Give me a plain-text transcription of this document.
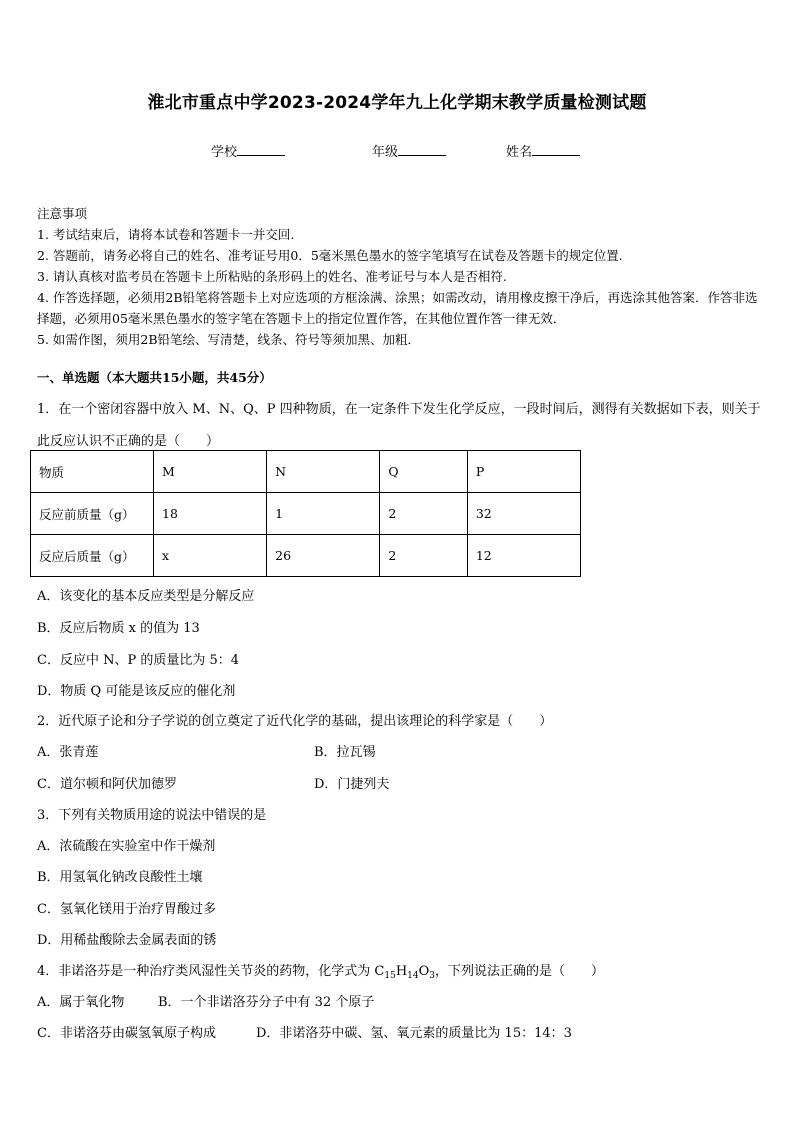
淮北市重点中学2023-2024学年九上化学期末教学质量检测试题
学校	年级	姓名
注意事项
1. 考试结束后，请将本试卷和答题卡一并交回.
2. 答题前，请务必将自己的姓名、准考证号用0．5毫米黑色墨水的签字笔填写在试卷及答题卡的规定位置.
3. 请认真核对监考员在答题卡上所粘贴的条形码上的姓名、准考证号与本人是否相符.
4. 作答选择题，必须用2B铅笔将答题卡上对应选项的方框涂满、涂黑；如需改动，请用橡皮擦干净后，再选涂其他答案．作答非选择题，必须用05毫米黑色墨水的签字笔在答题卡上的指定位置作答，在其他位置作答一律无效．
5. 如需作图，须用2B铅笔绘、写清楚，线条、符号等须加黑、加粗．
一、单选题（本大题共15小题，共45分）
1．在一个密闭容器中放入 M、N、Q、P 四种物质，在一定条件下发生化学反应，一段时间后，测得有关数据如下表，则关于此反应认识不正确的是（　　）
物质	M	N	Q	P
反应前质量（g）	18	1	2	32
反应后质量（g）	x	26	2	12
A．该变化的基本反应类型是分解反应
B．反应后物质 x 的值为 13
C．反应中 N、P 的质量比为 5：4
D．物质 Q 可能是该反应的催化剂
2．近代原子论和分子学说的创立奠定了近代化学的基础，提出该理论的科学家是（　　）
A．张青莲	B．拉瓦锡
C．道尔顿和阿伏加德罗	D．门捷列夫
3．下列有关物质用途的说法中错误的是
A．浓硫酸在实验室中作干燥剂
B．用氢氧化钠改良酸性土壤
C．氢氧化镁用于治疗胃酸过多
D．用稀盐酸除去金属表面的锈
4．非诺洛芬是一种治疗类风湿性关节炎的药物，化学式为 $C_{15}H_{14}O_3$，下列说法正确的是（　　）
A．属于氧化物	B．一个非诺洛芬分子中有 32 个原子
C．非诺洛芬由碳氢氧原子构成	D．非诺洛芬中碳、氢、氧元素的质量比为 15：14：3
